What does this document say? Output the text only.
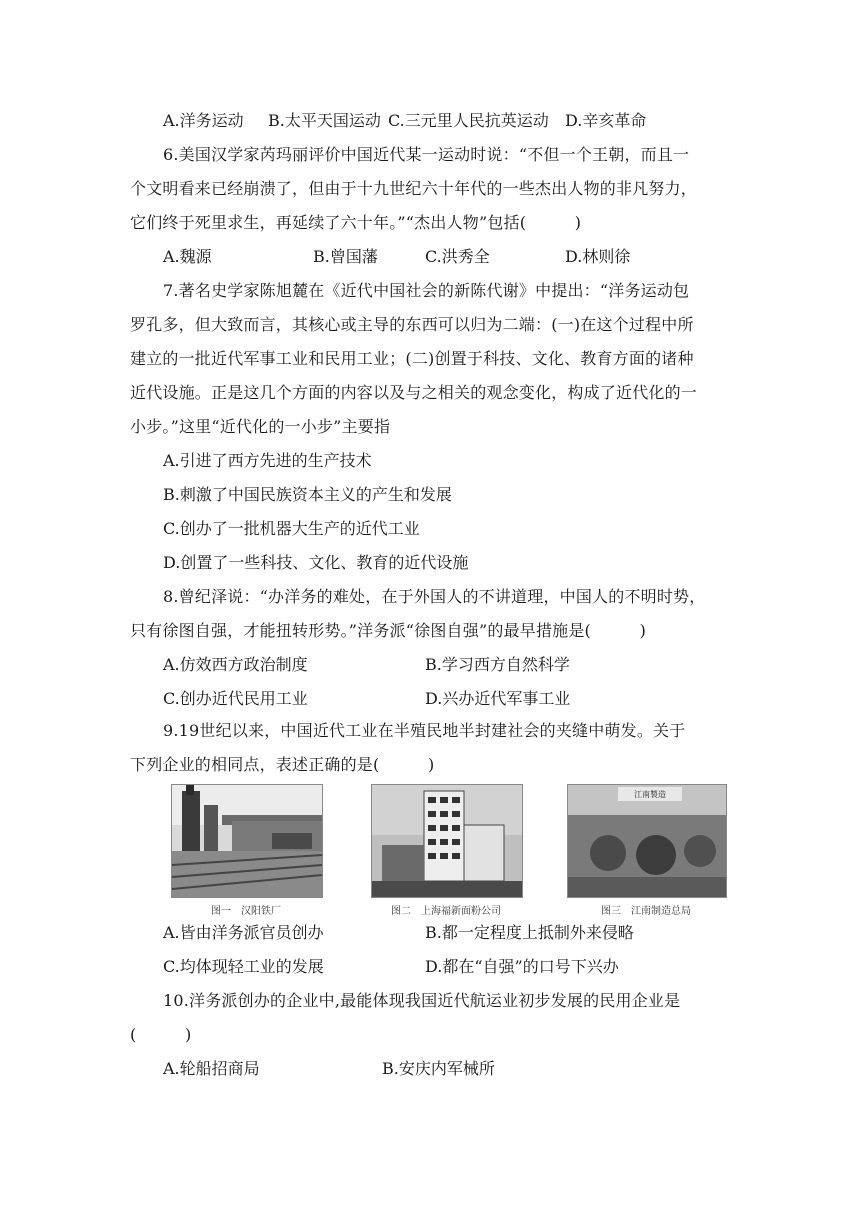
A.洋务运动 B.太平天国运动 C.三元里人民抗英运动 D.辛亥革命
6.美国汉学家芮玛丽评价中国近代某一运动时说：“不但一个王朝，而且一
个文明看来已经崩溃了，但由于十九世纪六十年代的一些杰出人物的非凡努力，
它们终于死里求生，再延续了六十年。”“杰出人物”包括(　　　)
A.魏源	B.曾国藩	C.洪秀全	D.林则徐
7.著名史学家陈旭麓在《近代中国社会的新陈代谢》中提出：“洋务运动包
罗孔多，但大致而言，其核心或主导的东西可以归为二端：(一)在这个过程中所
建立的一批近代军事工业和民用工业；(二)创置于科技、文化、教育方面的诸种
近代设施。正是这几个方面的内容以及与之相关的观念变化，构成了近代化的一
小步。”这里“近代化的一小步”主要指
A.引进了西方先进的生产技术
B.刺激了中国民族资本主义的产生和发展
C.创办了一批机器大生产的近代工业
D.创置了一些科技、文化、教育的近代设施
8.曾纪泽说：“办洋务的难处，在于外国人的不讲道理，中国人的不明时势，
只有徐图自强，才能扭转形势。”洋务派“徐图自强”的最早措施是(　　　)
A.仿效西方政治制度	B.学习西方自然科学
C.创办近代民用工业	D.兴办近代军事工业
9.19世纪以来，中国近代工业在半殖民地半封建社会的夹缝中萌发。关于
下列企业的相同点，表述正确的是(　　　)
图一　汉阳铁厂	图二　上海福新面粉公司
江南製造
图三　江南制造总局
A.皆由洋务派官员创办	B.都一定程度上抵制外来侵略
C.均体现轻工业的发展	D.都在“自强”的口号下兴办
10.洋务派创办的企业中,最能体现我国近代航运业初步发展的民用企业是
(　　　)
A.轮船招商局	B.安庆内军械所
